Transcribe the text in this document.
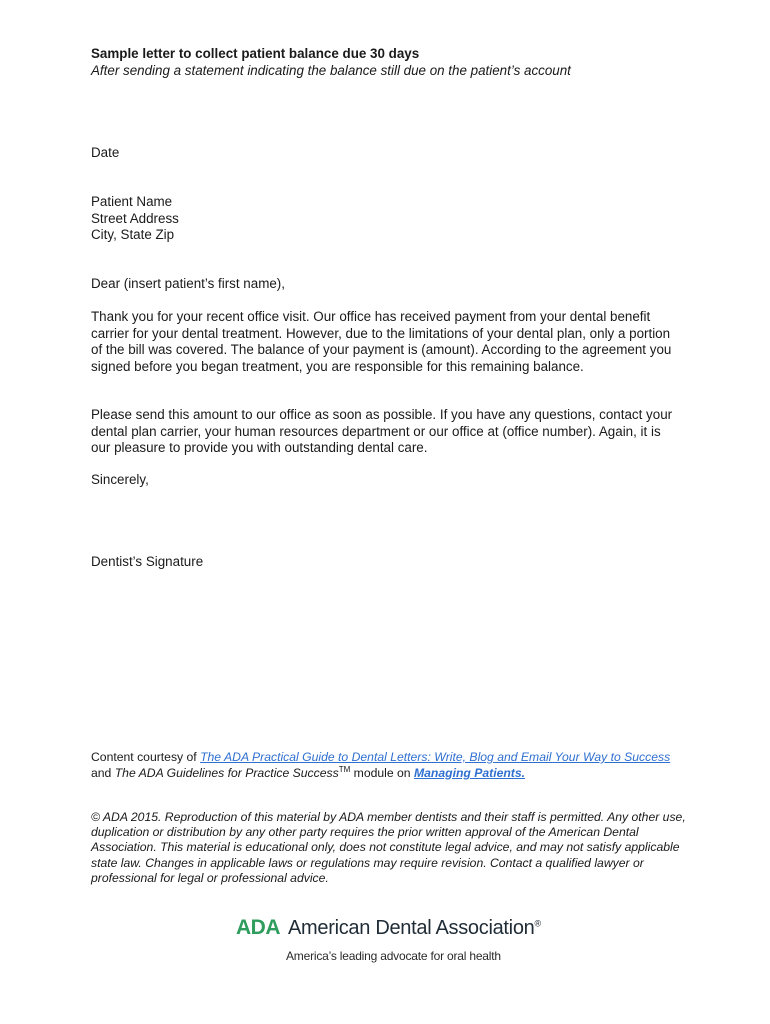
Sample letter to collect patient balance due 30 days
After sending a statement indicating the balance still due on the patient’s account
Date
Patient Name
Street Address
City, State Zip
Dear (insert patient’s first name),
Thank you for your recent office visit. Our office has received payment from your dental benefit carrier for your dental treatment. However, due to the limitations of your dental plan, only a portion of the bill was covered. The balance of your payment is (amount). According to the agreement you signed before you began treatment, you are responsible for this remaining balance.
Please send this amount to our office as soon as possible. If you have any questions, contact your dental plan carrier, your human resources department or our office at (office number). Again, it is our pleasure to provide you with outstanding dental care.
Sincerely,
Dentist’s Signature
Content courtesy of The ADA Practical Guide to Dental Letters: Write, Blog and Email Your Way to Success and The ADA Guidelines for Practice Success™ module on Managing Patients.
© ADA 2015. Reproduction of this material by ADA member dentists and their staff is permitted. Any other use, duplication or distribution by any other party requires the prior written approval of the American Dental Association. This material is educational only, does not constitute legal advice, and may not satisfy applicable state law. Changes in applicable laws or regulations may require revision. Contact a qualified lawyer or professional for legal or professional advice.
ADA American Dental Association®
America’s leading advocate for oral health
